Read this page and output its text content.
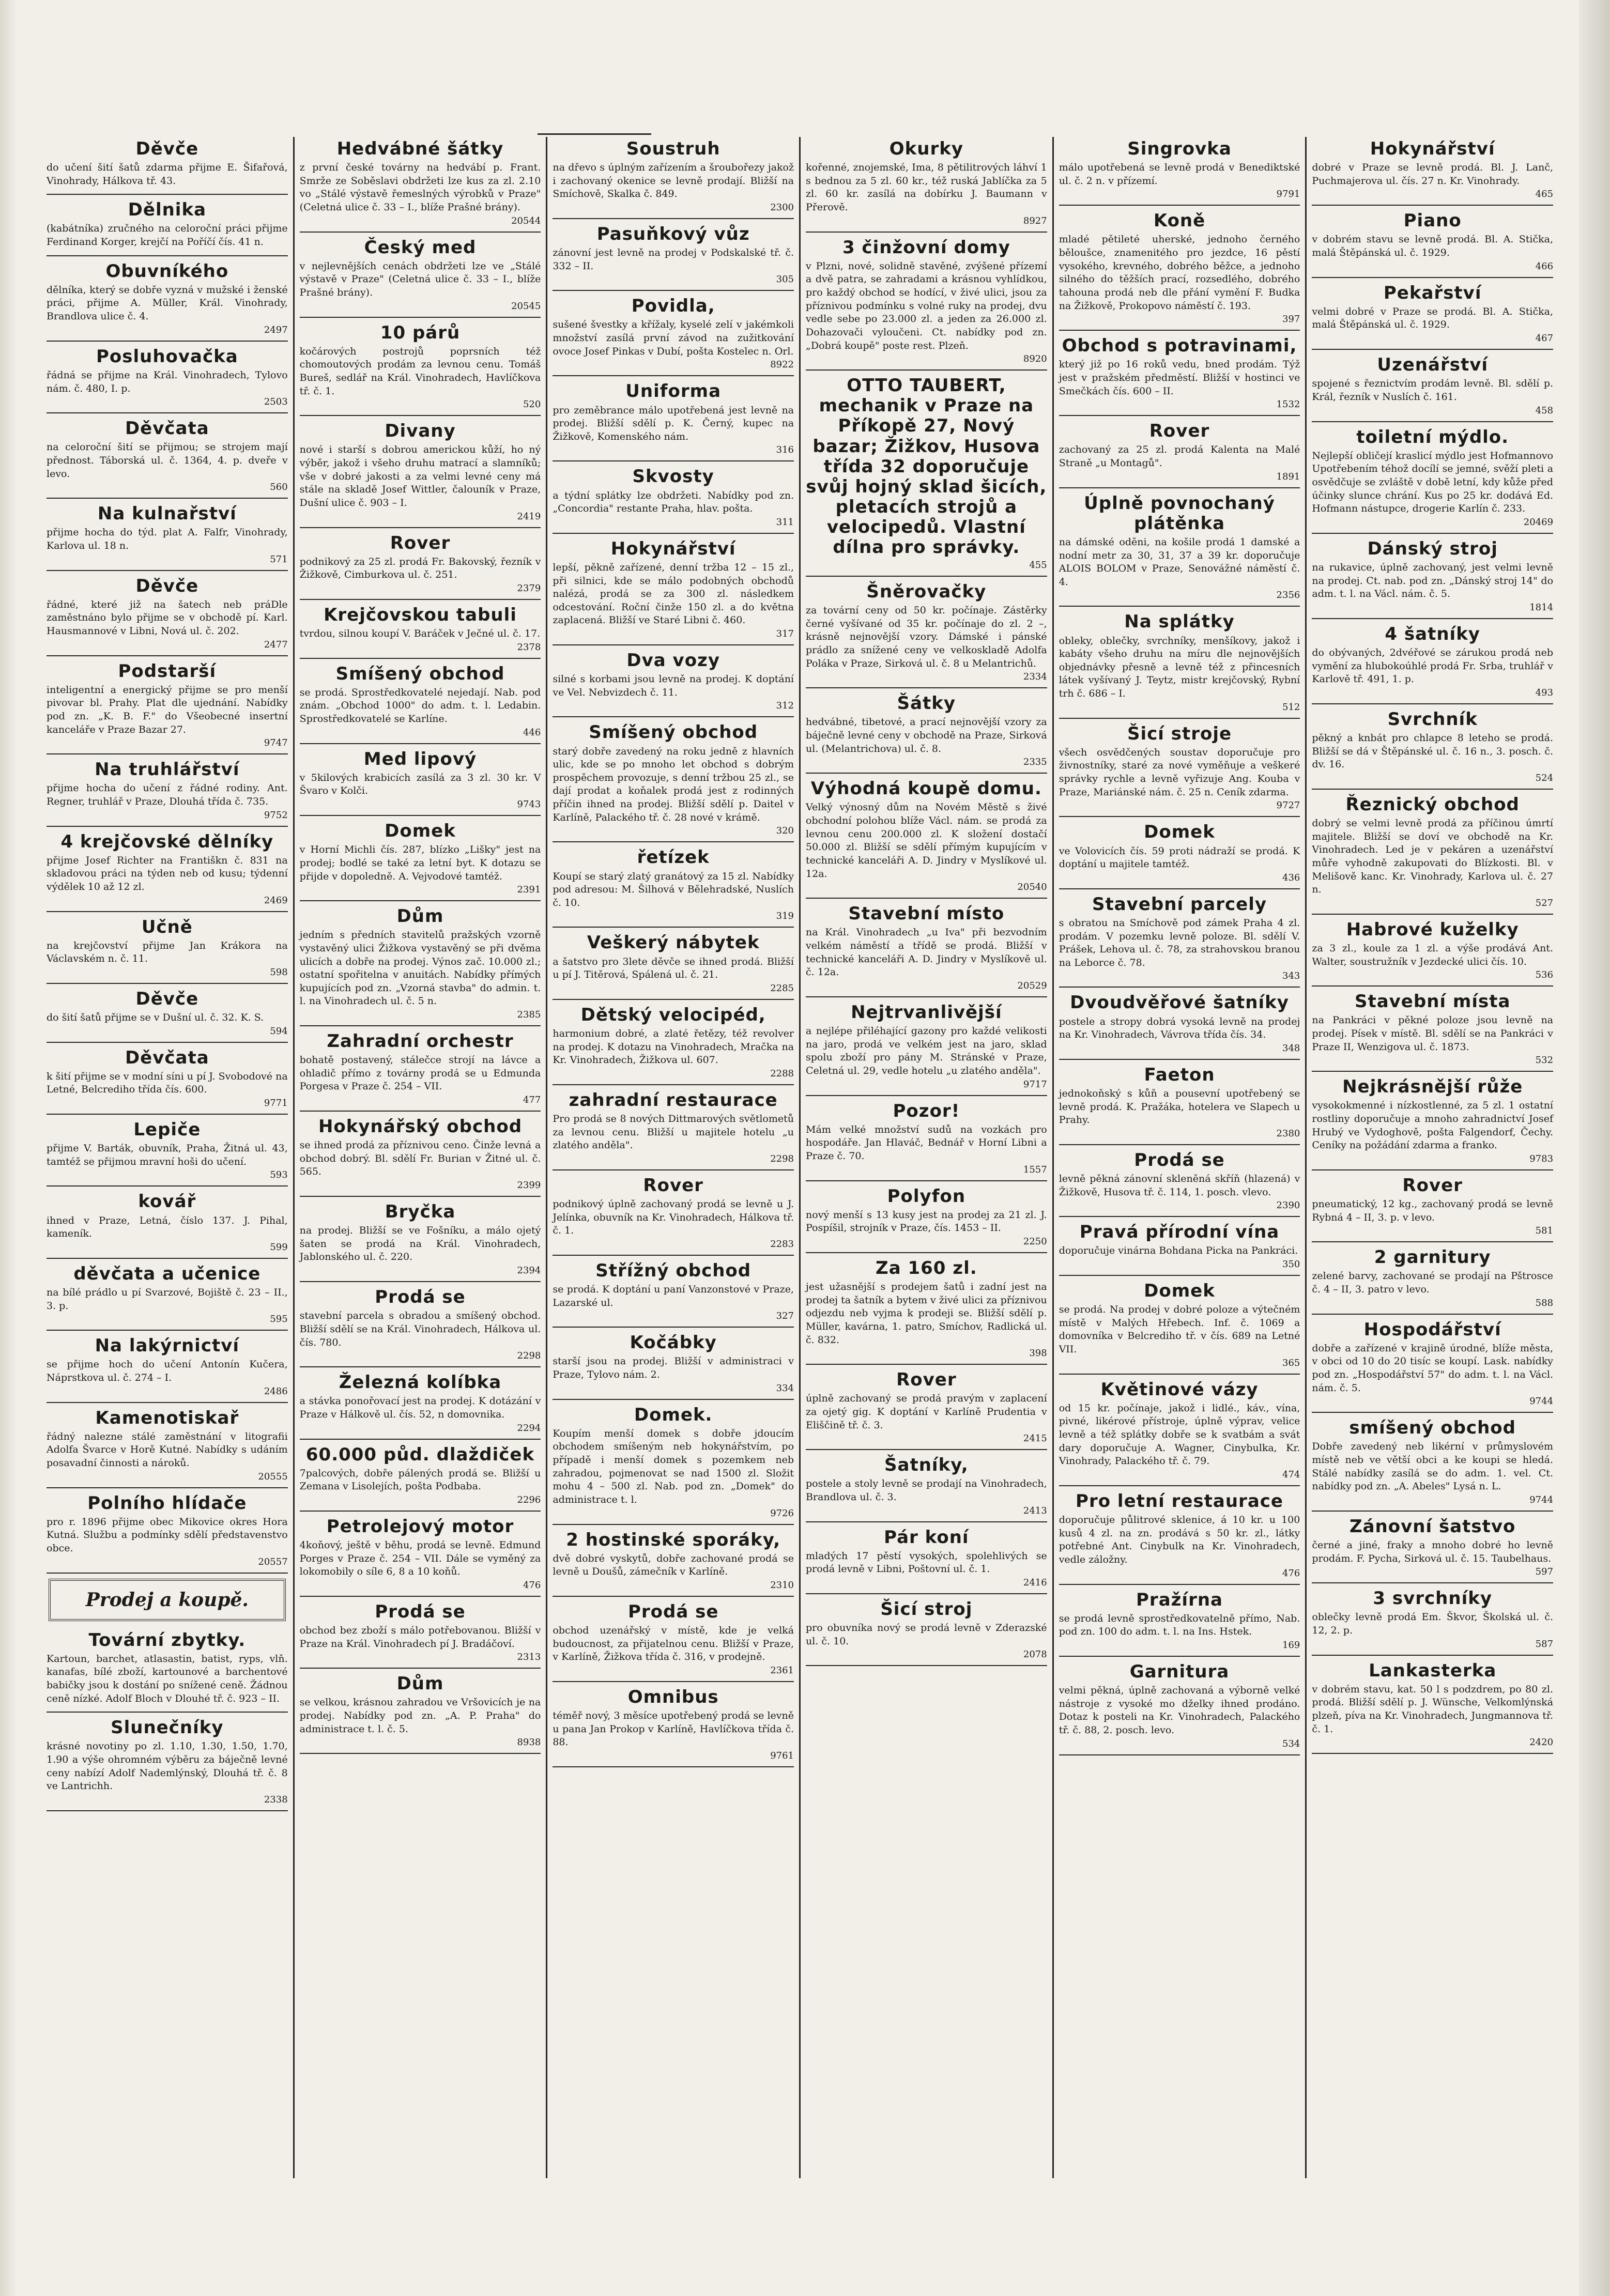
Děvče

do učení šití šatů zdarma přijme E. Šifařová, Vinohrady, Hálkova tř. 43.

Dělnika

(kabátníka) zručného na celoroční práci přijme Ferdinand Korger, krejčí na Poříčí čís. 41 n.

Obuvníkého

dělníka, který se dobře vyzná v mužské i ženské práci, přijme A. Müller, Král. Vinohrady, Brandlova ulice č. 4.

2497
Posluhovačka

řádná se přijme na Král. Vinohradech, Tylovo nám. č. 480, I. p.

2503
Děvčata

na celoroční šití se přijmou; se strojem mají přednost. Táborská ul. č. 1364, 4. p. dveře v levo.

560
Na kulnařství

přijme hocha do týd. plat A. Falfr, Vinohrady, Karlova ul. 18 n.

571
Děvče

řádné, které již na šatech neb práDle zaměstnáno bylo přijme se v obchodě pí. Karl. Hausmannové v Libni, Nová ul. č. 202.

2477
Podstarší

inteligentní a energický přijme se pro menší pivovar bl. Prahy. Plat dle ujednání. Nabídky pod zn. „K. B. F." do Všeobecné insertní kanceláře v Praze Bazar 27.

9747
Na truhlářství

přijme hocha do učení z řádné rodiny. Ant. Regner, truhlář v Praze, Dlouhá třída č. 735.

9752
4 krejčovské dělníky

přijme Josef Richter na Františkn č. 831 na skladovou práci na týden neb od kusu; týdenní výdělek 10 až 12 zl.

2469
Učně

na krejčovství přijme Jan Krákora na Václavském n. č. 11.

598
Děvče

do šití šatů přijme se v Dušní ul. č. 32. K. S.

594
Děvčata

k šití přijme se v modní síni u pí J. Svobodové na Letné, Belcrediho třída čís. 600.

9771
Lepiče

přijme V. Barták, obuvník, Praha, Žitná ul. 43, tamtéž se přijmou mravní hoši do učení.

593
kovář

ihned v Praze, Letná, číslo 137. J. Pihal, kameník.

599
děvčata a učenice

na bílé prádlo u pí Svarzové, Bojiště č. 23 – II., 3. p.

595
Na lakýrnictví

se přijme hoch do učení Antonín Kučera, Náprstkova ul. č. 274 – I.

2486
Kamenotiskař

řádný nalezne stálé zaměstnání v litografii Adolfa Švarce v Horě Kutné. Nabídky s udáním posavadní činnosti a nároků.

20555
Polního hlídače

pro r. 1896 přijme obec Mikovice okres Hora Kutná. Službu a podmínky sdělí představenstvo obce.

20557
Prodej a koupě.
Tovární zbytky.

Kartoun, barchet, atlasastin, batist, ryps, vlň. kanafas, bílé zboží, kartounové a barchentové babičky jsou k dostání po snížené ceně. Žádnou ceně nízké. Adolf Bloch v Dlouhé tř. č. 923 – II.

Slunečníky

krásné novotiny po zl. 1.10, 1.30, 1.50, 1.70, 1.90 a výše ohromném výběru za báječně levné ceny nabízí Adolf Nademlýnský, Dlouhá tř. č. 8 ve Lantrichh.

2338
Hedvábné šátky

z první české továrny na hedvábí p. Frant. Smrže ze Soběslavi obdržeti lze kus za zl. 2.10 vo „Stálé výstavě řemeslných výrobků v Praze" (Celetná ulice č. 33 – I., blíže Prašné brány).

20544
Český med

v nejlevnějších cenách obdržeti lze ve „Stálé výstavě v Praze" (Celetná ulice č. 33 – I., blíže Prašné brány).

20545
10 párů

kočárových postrojů poprsních též chomoutových prodám za levnou cenu. Tomáš Bureš, sedlář na Král. Vinohradech, Havlíčkova tř. č. 1.

520
Divany

nové i starší s dobrou americkou kůží, ho ný výběr, jakož i všeho druhu matrací a slamníků; vše v dobré jakosti a za velmi levné ceny má stále na skladě Josef Wittler, čalouník v Praze, Dušní ulice č. 903 – I.

2419
Rover

podnikový za 25 zl. prodá Fr. Bakovský, řezník v Žižkově, Cimburkova ul. č. 251.

2379
Krejčovskou tabuli

tvrdou, silnou koupí V. Baráček v Ječné ul. č. 17.

2378
Smíšený obchod

se prodá. Sprostředkovatelé nejedají. Nab. pod znám. „Obchod 1000" do adm. t. l. Ledabin. Sprostředkovatelé se Karlíne.

446
Med lipový

v 5kilových krabicích zasílá za 3 zl. 30 kr. V Švaro v Kolči.

9743
Domek

v Horní Michli čís. 287, blízko „Lišky" jest na prodej; bodlé se také za letní byt. K dotazu se přijde v dopoledně. A. Vejvodové tamtéž.

2391
Dům

jedním s předních stavitelů pražských vzorně vystavěný ulici Žižkova vystavěný se při dvěma ulicích a dobře na prodej. Výnos zač. 10.000 zl.; ostatní spořitelna v anuitách. Nabídky přímých kupujících pod zn. „Vzorná stavba" do admin. t. l. na Vinohradech ul. č. 5 n.

2385
Zahradní orchestr

bohatě postavený, stálečce strojí na lávce a ohladič přímo z továrny prodá se u Edmunda Porgesa v Praze č. 254 – VII.

477
Hokynářský obchod

se ihned prodá za příznivou ceno. Činže levná a obchod dobrý. Bl. sdělí Fr. Burian v Žitné ul. č. 565.

2399
Bryčka

na prodej. Bližší se ve Fošníku, a málo ojetý šaten se prodá na Král. Vinohradech, Jablonského ul. č. 220.

2394
Prodá se

stavební parcela s obradou a smíšený obchod. Bližší sdělí se na Král. Vinohradech, Hálkova ul. čís. 780.

2298
Železná kolíbka

a stávka ponořovací jest na prodej. K dotázání v Praze v Hálkově ul. čís. 52, n domovnika.

2294
60.000 půd. dlaždiček

7palcových, dobře pálených prodá se. Bližší u Zemana v Lisolejích, pošta Podbaba.

2296
Petrolejový motor

4koňový, ještě v běhu, prodá se levně. Edmund Porges v Praze č. 254 – VII. Dále se vyměný za lokomobily o síle 6, 8 a 10 koňů.

476
Prodá se

obchod bez zboží s málo potřebovanou. Bližší v Praze na Král. Vinohradech pí J. Bradáčoví.

2313
Dům

se velkou, krásnou zahradou ve Vršovicích je na prodej. Nabídky pod zn. „A. P. Praha" do administrace t. l. č. 5.

8938
Soustruh

na dřevo s úplným zařízením a šroubořezy jakož i zachovaný okenice se levně prodají. Bližší na Smíchově, Skalka č. 849.

2300
Pasuňkový vůz

zánovní jest levně na prodej v Podskalské tř. č. 332 – II.

305
Povidla,

sušené švestky a křížaly, kyselé zelí v jakémkoli množství zasílá první závod na zužitkování ovoce Josef Pinkas v Dubí, pošta Kostelec n. Orl.

8922
Uniforma

pro zeměbrance málo upotřebená jest levně na prodej. Bližší sdělí p. K. Černý, kupec na Žižkově, Komenského nám.

316
Skvosty

a týdní splátky lze obdržeti. Nabídky pod zn. „Concordia" restante Praha, hlav. pošta.

311
Hokynářství

lepší, pěkně zařízené, denní tržba 12 – 15 zl., při silnici, kde se málo podobných obchodů nalézá, prodá se za 300 zl. následkem odcestování. Roční činže 150 zl. a do května zaplacená. Bližší ve Staré Libni č. 460.

317
Dva vozy

silné s korbami jsou levně na prodej. K doptání ve Vel. Nebvizdech č. 11.

312
Smíšený obchod

starý dobře zavedený na roku jedně z hlavních ulic, kde se po mnoho let obchod s dobrým prospěchem provozuje, s denní tržbou 25 zl., se dají prodat a koňalek prodá jest z rodinných příčin ihned na prodej. Bližší sdělí p. Daitel v Karlíně, Palackého tř. č. 28 nové v krámě.

320
řetízek

Koupí se starý zlatý granátový za 15 zl. Nabídky pod adresou: M. Šilhová v Bělehradské, Nuslích č. 10.

319
Veškerý nábytek

a šatstvo pro 3lete děvče se ihned prodá. Bližší u pí J. Titěrová, Spálená ul. č. 21.

2285
Dětský velocipéd,

harmonium dobré, a zlaté řetězy, též revolver na prodej. K dotazu na Vinohradech, Mračka na Kr. Vinohradech, Žižkova ul. 607.

2288
zahradní restaurace

Pro prodá se 8 nových Dittmarových světlometů za levnou cenu. Bližší u majitele hotelu „u zlatého anděla".

2298
Rover

podnikový úplně zachovaný prodá se levně u J. Jelínka, obuvník na Kr. Vinohradech, Hálkova tř. č. 1.

2283
Střížný obchod

se prodá. K doptání u paní Vanzonstové v Praze, Lazarské ul.

327
Kočábky

starší jsou na prodej. Bližší v administraci v Praze, Tylovo nám. 2.

334
Domek.

Koupím menší domek s dobře jdoucím obchodem smíšeným neb hokynářstvím, po případě i menší domek s pozemkem neb zahradou, pojmenovat se nad 1500 zl. Složit mohu 4 – 500 zl. Nab. pod zn. „Domek" do administrace t. l.

9726
2 hostinské sporáky,

dvě dobré vyskytů, dobře zachované prodá se levně u Doušů, zámečník v Karlíně.

2310
Prodá se

obchod uzenářský v místě, kde je velká budoucnost, za přijatelnou cenu. Bližší v Praze, v Karlíně, Žižkova třída č. 316, v prodejně.

2361
Omnibus

téměř nový, 3 měsíce upotřebený prodá se levně u pana Jan Prokop v Karlíně, Havlíčkova třída č. 88.

9761
Okurky

kořenné, znojemské, Ima, 8 pětilitrových láhví 1 s bednou za 5 zl. 60 kr., též ruská Jablíčka za 5 zl. 60 kr. zasílá na dobírku J. Baumann v Přerově.

8927
3 činžovní domy

v Plzni, nové, solidně stavěné, zvýšené přízemí a dvě patra, se zahradami a krásnou vyhlídkou, pro každý obchod se hodící, v živé ulici, jsou za příznivou podmínku s volné ruky na prodej, dvu vedle sebe po 23.000 zl. a jeden za 26.000 zl. Dohazovači vyloučeni. Ct. nabídky pod zn. „Dobrá koupě" poste rest. Plzeň.

8920
OTTO TAUBERT, mechanik v Praze na Příkopě 27, Nový bazar; Žižkov, Husova třída 32 doporučuje svůj hojný sklad šicích, pletacích strojů a velocipedů. Vlastní dílna pro správky.

455
Šněrovačky

za tovární ceny od 50 kr. počínaje. Zástěrky černé vyšívané od 35 kr. počínaje do zl. 2 –, krásně nejnovější vzory. Dámské i pánské prádlo za snížené ceny ve velkoskladě Adolfa Poláka v Praze, Sirková ul. č. 8 u Melantrichů.

2334
Šátky

hedvábné, tibetové, a prací nejnovější vzory za báječně levné ceny v obchodě na Praze, Sirková ul. (Melantrichova) ul. č. 8.

2335
Výhodná koupě domu.

Velký výnosný dům na Novém Městě s živé obchodní polohou blíže Václ. nám. se prodá za levnou cenu 200.000 zl. K složení dostačí 50.000 zl. Bližší se sdělí přímým kupujícím v technické kanceláři A. D. Jindry v Myslíkové ul. 12a.

20540
Stavební místo

na Král. Vinohradech „u Iva" při bezvodním velkém náměstí a třídě se prodá. Bližší v technické kanceláři A. D. Jindry v Myslíkově ul. č. 12a.

20529
Nejtrvanlivější

a nejlépe přiléhající gazony pro každé velikosti na jaro, prodá ve velkém jest na jaro, sklad spolu zboží pro pány M. Stránské v Praze, Celetná ul. 29, vedle hotelu „u zlatého anděla".

9717
Pozor!

Mám velké množství sudů na vozkách pro hospodáře. Jan Hlaváč, Bednář v Horní Libni a Praze č. 70.

1557
Polyfon

nový menší s 13 kusy jest na prodej za 21 zl. J. Pospíšil, strojník v Praze, čís. 1453 – II.

2250
Za 160 zl.

jest užasnější s prodejem šatů i zadní jest na prodej ta šatník a bytem v živé ulici za příznivou odjezdu neb vyjma k prodeji se. Bližší sdělí p. Müller, kavárna, 1. patro, Smíchov, Radlická ul. č. 832.

398
Rover

úplně zachovaný se prodá pravým v zaplacení za ojetý gig. K doptání v Karlíně Prudentia v Eliščině tř. č. 3.

2415
Šatníky,

postele a stoly levně se prodají na Vinohradech, Brandlova ul. č. 3.

2413
Pár koní

mladých 17 pěstí vysokých, spolehlivých se prodá levně v Libni, Poštovní ul. č. 1.

2416
Šicí stroj

pro obuvníka nový se prodá levně v Zderazské ul. č. 10.

2078
Singrovka

málo upotřebená se levně prodá v Benediktské ul. č. 2 n. v přízemí.

9791
Koně

mladé pětileté uherské, jednoho černého běloušce, znamenitého pro jezdce, 16 pěstí vysokého, krevného, dobrého běžce, a jednoho silného do těžších prací, rozsedlého, dobrého tahouna prodá neb dle přání vymění F. Budka na Žižkově, Prokopovo náměstí č. 193.

397
Obchod s potravinami,

který již po 16 roků vedu, bned prodám. Týž jest v pražském předměstí. Bližší v hostinci ve Smečkách čís. 600 – II.

1532
Rover

zachovaný za 25 zl. prodá Kalenta na Malé Straně „u Montagů".

1891
Úplně povnochaný plátěnka

na dámské oděni, na košile prodá 1 damské a nodní metr za 30, 31, 37 a 39 kr. doporučuje ALOIS BOLOM v Praze, Senovážné náměstí č. 4.

2356
Na splátky

obleky, oblečky, svrchníky, menšíkovy, jakož i kabáty všeho druhu na míru dle nejnovějších objednávky přesně a levně též z přincesních látek vyšívaný J. Teytz, mistr krejčovský, Rybní trh č. 686 – I.

512
Šicí stroje

všech osvědčených soustav doporučuje pro živnostníky, staré za nové vyměňuje a veškeré správky rychle a levně vyřizuje Ang. Kouba v Praze, Mariánské nám. č. 25 n. Ceník zdarma.

9727
Domek

ve Volovicích čís. 59 proti nádraží se prodá. K doptání u majitele tamtéž.

436
Stavební parcely

s obratou na Smíchově pod zámek Praha 4 zl. prodám. V pozemku levně poloze. Bl. sdělí V. Prášek, Lehova ul. č. 78, za strahovskou branou na Leborce č. 78.

343
Dvoudvěřové šatníky

postele a stropy dobrá vysoká levně na prodej na Kr. Vinohradech, Vávrova třída čís. 34.

348
Faeton

jednokoňský s kůň a pousevní upotřebený se levně prodá. K. Pražáka, hotelera ve Slapech u Prahy.

2380
Prodá se

levně pěkná zánovní skleněná skříň (hlazená) v Žižkově, Husova tř. č. 114, 1. posch. vlevo.

2390
Pravá přírodní vína

doporučuje vinárna Bohdana Picka na Pankráci.

350
Domek

se prodá. Na prodej v dobré poloze a výtečném místě v Malých Hřebech. Inf. č. 1069 a domovníka v Belcrediho tř. v čís. 689 na Letné VII.

365
Květinové vázy

od 15 kr. počínaje, jakož i lidlé., káv., vína, pivné, likérové přístroje, úplně výprav, velice levně a též splátky dobře se k svatbám a svát dary doporučuje A. Wagner, Cinybulka, Kr. Vinohrady, Palackého tř. č. 79.

474
Pro letní restaurace

doporučuje půlitrové sklenice, á 10 kr. u 100 kusů 4 zl. na zn. prodává s 50 kr. zl., látky potřebné Ant. Cinybulk na Kr. Vinohradech, vedle záložny.

476
Pražírna

se prodá levně sprostředkovatelně přímo, Nab. pod zn. 100 do adm. t. l. na Ins. Hstek.

169
Garnitura

velmi pěkná, úplně zachovaná a výborně velké nástroje z vysoké mo dželky ihned prodáno. Dotaz k posteli na Kr. Vinohradech, Palackého tř. č. 88, 2. posch. levo.

534
Hokynářství

dobré v Praze se levně prodá. Bl. J. Lanč, Puchmajerova ul. čís. 27 n. Kr. Vinohrady.

465
Piano

v dobrém stavu se levně prodá. Bl. A. Stička, malá Štěpánská ul. č. 1929.

466
Pekařství

velmi dobré v Praze se prodá. Bl. A. Stička, malá Štěpánská ul. č. 1929.

467
Uzenářství

spojené s řeznictvím prodám levně. Bl. sdělí p. Král, řezník v Nuslích č. 161.

458
toiletní mýdlo.

Nejlepší obličejí kraslicí mýdlo jest Hofmannovo Upotřebením téhož docílí se jemné, svěží pleti a osvědčuje se zvláště v době letní, kdy kůže před účinky slunce chrání. Kus po 25 kr. dodává Ed. Hofmann nástupce, drogerie Karlín č. 233.

20469
Dánský stroj

na rukavice, úplně zachovaný, jest velmi levně na prodej. Ct. nab. pod zn. „Dánský stroj 14" do adm. t. l. na Václ. nám. č. 5.

1814
4 šatníky

do obývaných, 2dvéřové se zárukou prodá neb vymění za hlubokoúhlé prodá Fr. Srba, truhlář v Karlově tř. 491, 1. p.

493
Svrchník

pěkný a knbát pro chlapce 8 leteho se prodá. Bližší se dá v Štěpánské ul. č. 16 n., 3. posch. č. dv. 16.

524
Řeznický obchod

dobrý se velmi levně prodá za příčinou úmrtí majitele. Bližší se doví ve obchodě na Kr. Vinohradech. Led je v pekáren a uzenářství můře vyhodně zakupovati do Blízkosti. Bl. v Melišově kanc. Kr. Vinohrady, Karlova ul. č. 27 n.

527
Habrové kuželky

za 3 zl., koule za 1 zl. a výše prodává Ant. Walter, soustružník v Jezdecké ulici čís. 10.

536
Stavební místa

na Pankráci v pěkné poloze jsou levně na prodej. Písek v místě. Bl. sdělí se na Pankráci v Praze II, Wenzigova ul. č. 1873.

532
Nejkrásnější růže

vysokokmenné i nízkostlenné, za 5 zl. 1 ostatní rostliny doporučuje a mnoho zahradnictví Josef Hrubý ve Vydoghově, pošta Falgendorf, Čechy. Ceníky na požádání zdarma a franko.

9783
Rover

pneumatický, 12 kg., zachovaný prodá se levně Rybná 4 – II, 3. p. v levo.

581
2 garnitury

zelené barvy, zachované se prodají na Pštrosce č. 4 – II, 3. patro v levo.

588
Hospodářství

dobře a zařízené v krajině úrodné, blíže města, v obci od 10 do 20 tisíc se koupí. Lask. nabídky pod zn. „Hospodářství 57" do adm. t. l. na Václ. nám. č. 5.

9744
smíšený obchod

Dobře zavedený neb likérní v průmyslovém místě neb ve větší obci a ke koupi se hledá. Stálé nabídky zasílá se do adm. 1. vel. Ct. nabídky pod zn. „A. Abeles" Lysá n. L.

9744
Zánovní šatstvo

černé a jiné, fraky a mnoho dobré ho levně prodám. F. Pycha, Sirková ul. č. 15. Taubelhaus.

597
3 svrchníky

oblečky levně prodá Em. Škvor, Školská ul. č. 12, 2. p.

587
Lankasterka

v dobrém stavu, kat. 50 l s podzdrem, po 80 zl. prodá. Bližší sdělí p. J. Wünsche, Velkomlýnská plzeň, píva na Kr. Vinohradech, Jungmannova tř. č. 1.

2420
